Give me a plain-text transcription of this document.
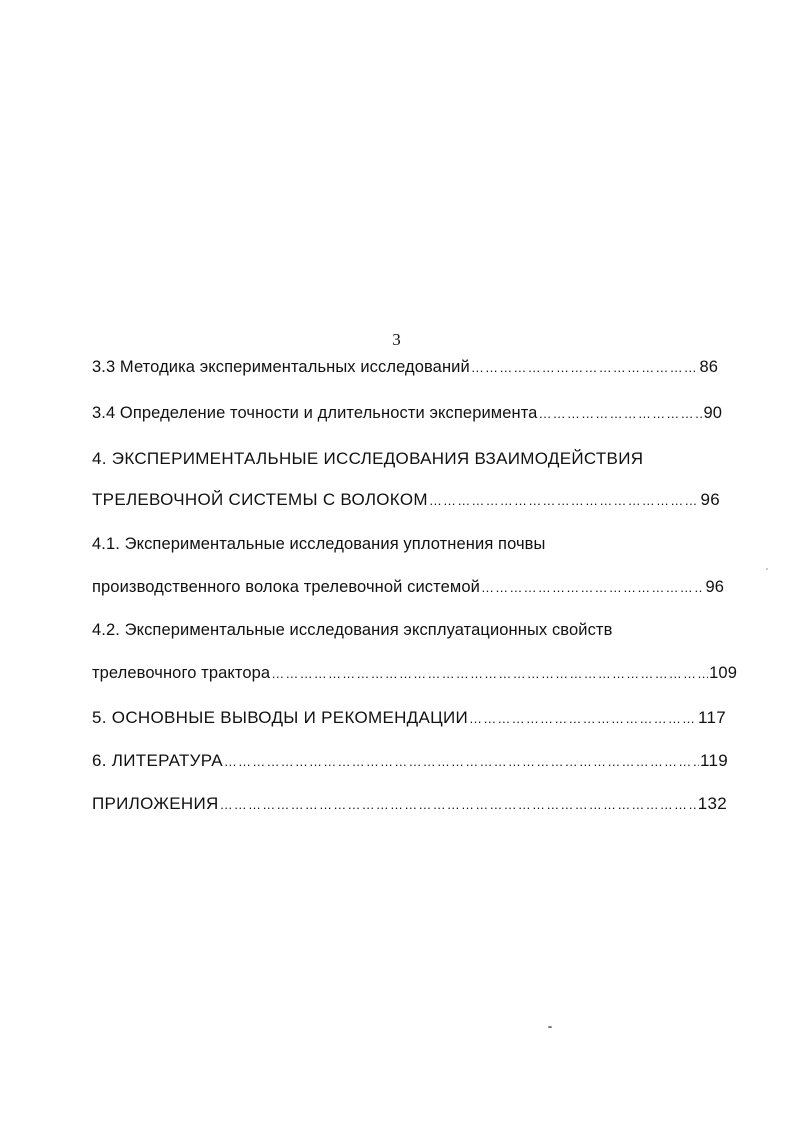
3
3.3 Методика экспериментальных исследований …………………………………………………………………………………………………………………………………………………………	86
3.4 Определение точности и длительности эксперимента …………………………………………………………………………………………………………………………………………………………	90
4. ЭКСПЕРИМЕНТАЛЬНЫЕ ИССЛЕДОВАНИЯ ВЗАИМОДЕЙСТВИЯ
ТРЕЛЕВОЧНОЙ СИСТЕМЫ С ВОЛОКОМ …………………………………………………………………………………………………………………………………………………………	96
4.1. Экспериментальные исследования уплотнения почвы
производственного волока трелевочной системой …………………………………………………………………………………………………………………………………………………………	96
4.2. Экспериментальные исследования эксплуатационных свойств
трелевочного трактора …………………………………………………………………………………………………………………………………………………………	109
5. ОСНОВНЫЕ ВЫВОДЫ И РЕКОМЕНДАЦИИ …………………………………………………………………………………………………………………………………………………………	117
6. ЛИТЕРАТУРА …………………………………………………………………………………………………………………………………………………………	119
ПРИЛОЖЕНИЯ …………………………………………………………………………………………………………………………………………………………	132
